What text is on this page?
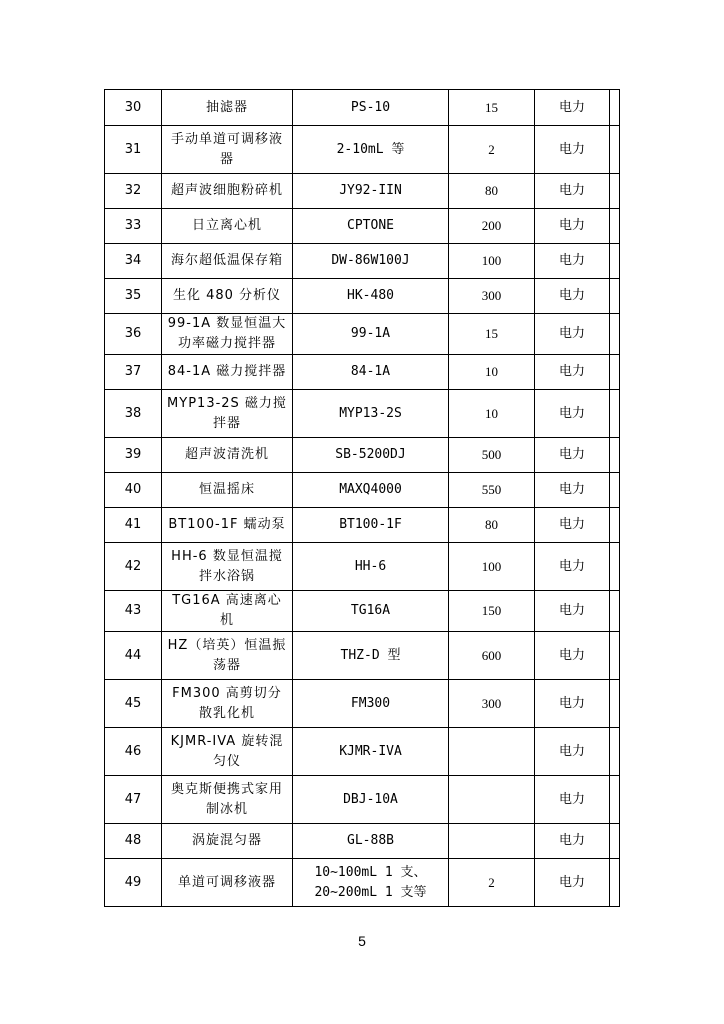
30	抽滤器	PS-10	15	电力	
31	手动单道可调移液器	2-10mL 等	2	电力	
32	超声波细胞粉碎机	JY92-IIN	80	电力	
33	日立离心机	CPTONE	200	电力	
34	海尔超低温保存箱	DW-86W100J	100	电力	
35	生化 480 分析仪	HK-480	300	电力	
36	99-1A 数显恒温大功率磁力搅拌器	99-1A	15	电力	
37	84-1A 磁力搅拌器	84-1A	10	电力	
38	MYP13-2S 磁力搅拌器	MYP13-2S	10	电力	
39	超声波清洗机	SB-5200DJ	500	电力	
40	恒温摇床	MAXQ4000	550	电力	
41	BT100-1F 蠕动泵	BT100-1F	80	电力	
42	HH-6 数显恒温搅拌水浴锅	HH-6	100	电力	
43	TG16A 高速离心机	TG16A	150	电力	
44	HZ（培英）恒温振荡器	THZ-D 型	600	电力	
45	FM300 高剪切分散乳化机	FM300	300	电力	
46	KJMR-IVA 旋转混匀仪	KJMR-IVA		电力	
47	奥克斯便携式家用制冰机	DBJ-10A		电力	
48	涡旋混匀器	GL-88B		电力	
49	单道可调移液器	10~100mL 1 支、20~200mL 1 支等	2	电力	
5
